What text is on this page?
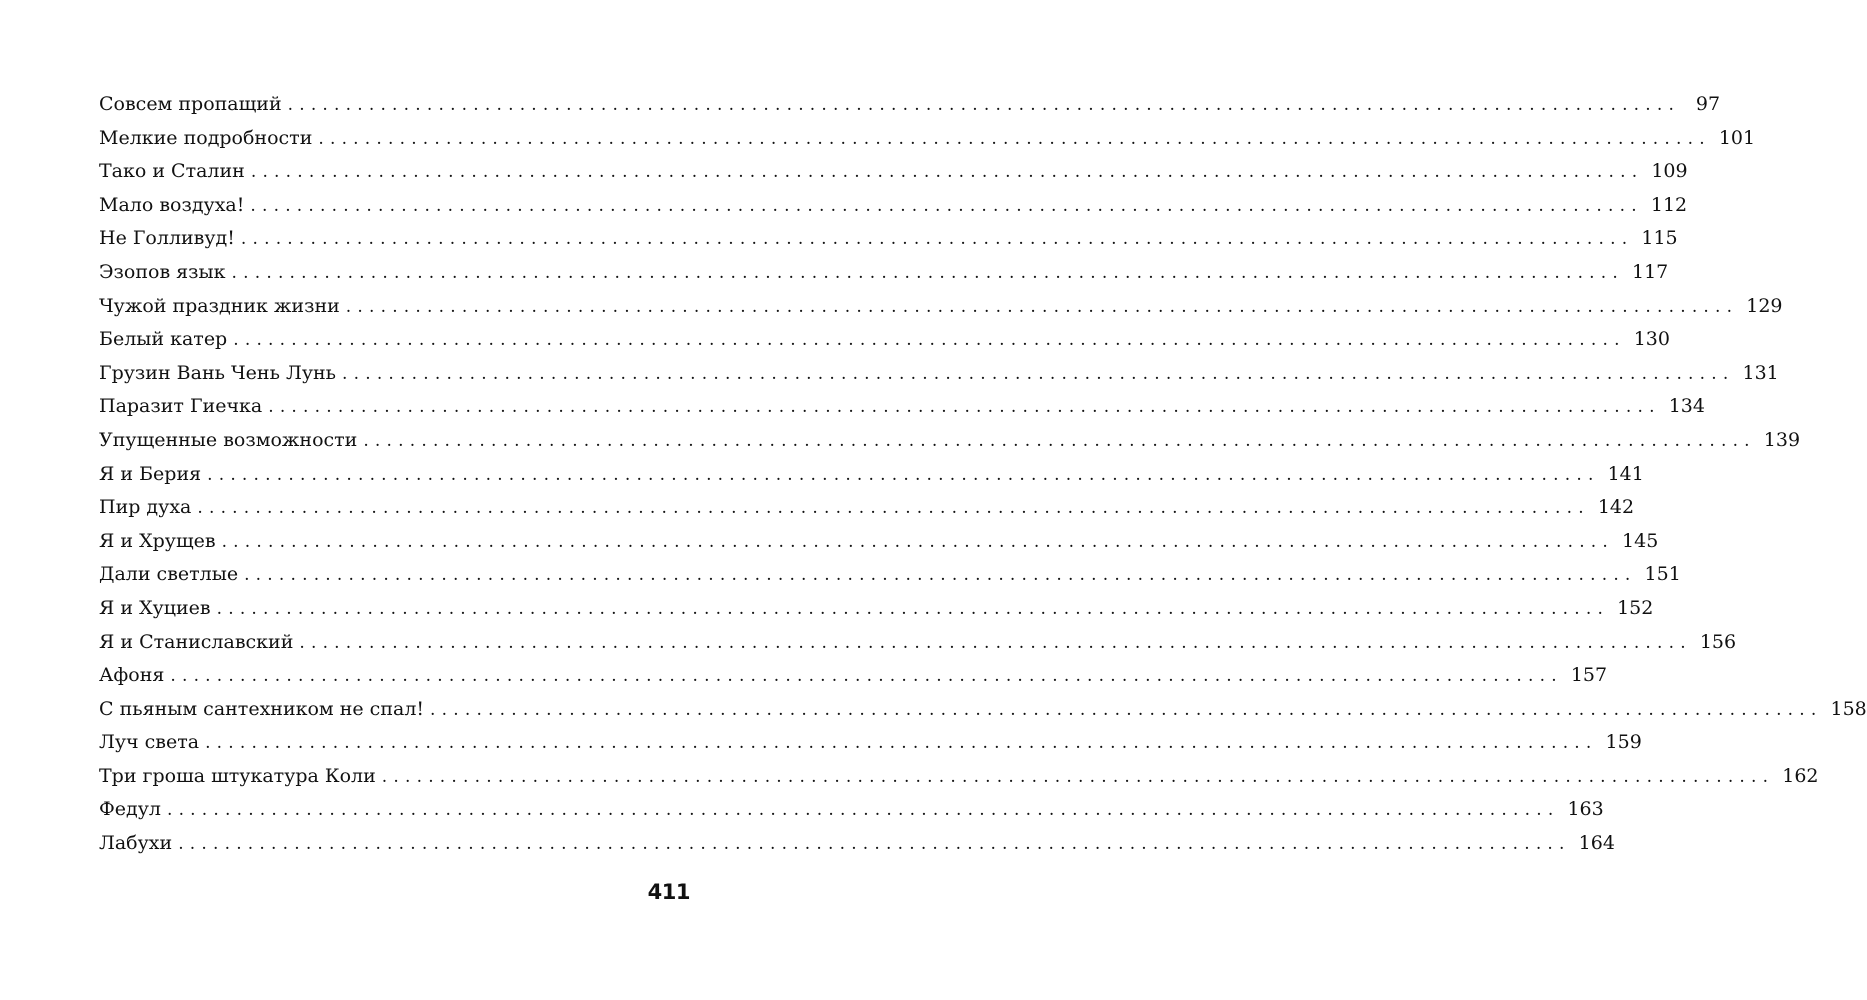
Совсем пропащий ........................................................................................................................ 97
Мелкие подробности ........................................................................................................................ 101
Тако и Сталин ........................................................................................................................ 109
Мало воздуха! ........................................................................................................................ 112
Не Голливуд! ........................................................................................................................ 115
Эзопов язык ........................................................................................................................ 117
Чужой праздник жизни ........................................................................................................................ 129
Белый катер ........................................................................................................................ 130
Грузин Вань Чень Лунь ........................................................................................................................ 131
Паразит Гиечка ........................................................................................................................ 134
Упущенные возможности ........................................................................................................................ 139
Я и Берия ........................................................................................................................ 141
Пир духа ........................................................................................................................ 142
Я и Хрущев ........................................................................................................................ 145
Дали светлые ........................................................................................................................ 151
Я и Хуциев ........................................................................................................................ 152
Я и Станиславский ........................................................................................................................ 156
Афоня ........................................................................................................................ 157
С пьяным сантехником не спал! ........................................................................................................................ 158
Луч света ........................................................................................................................ 159
Три гроша штукатура Коли ........................................................................................................................ 162
Федул ........................................................................................................................ 163
Лабухи ........................................................................................................................ 164
411
